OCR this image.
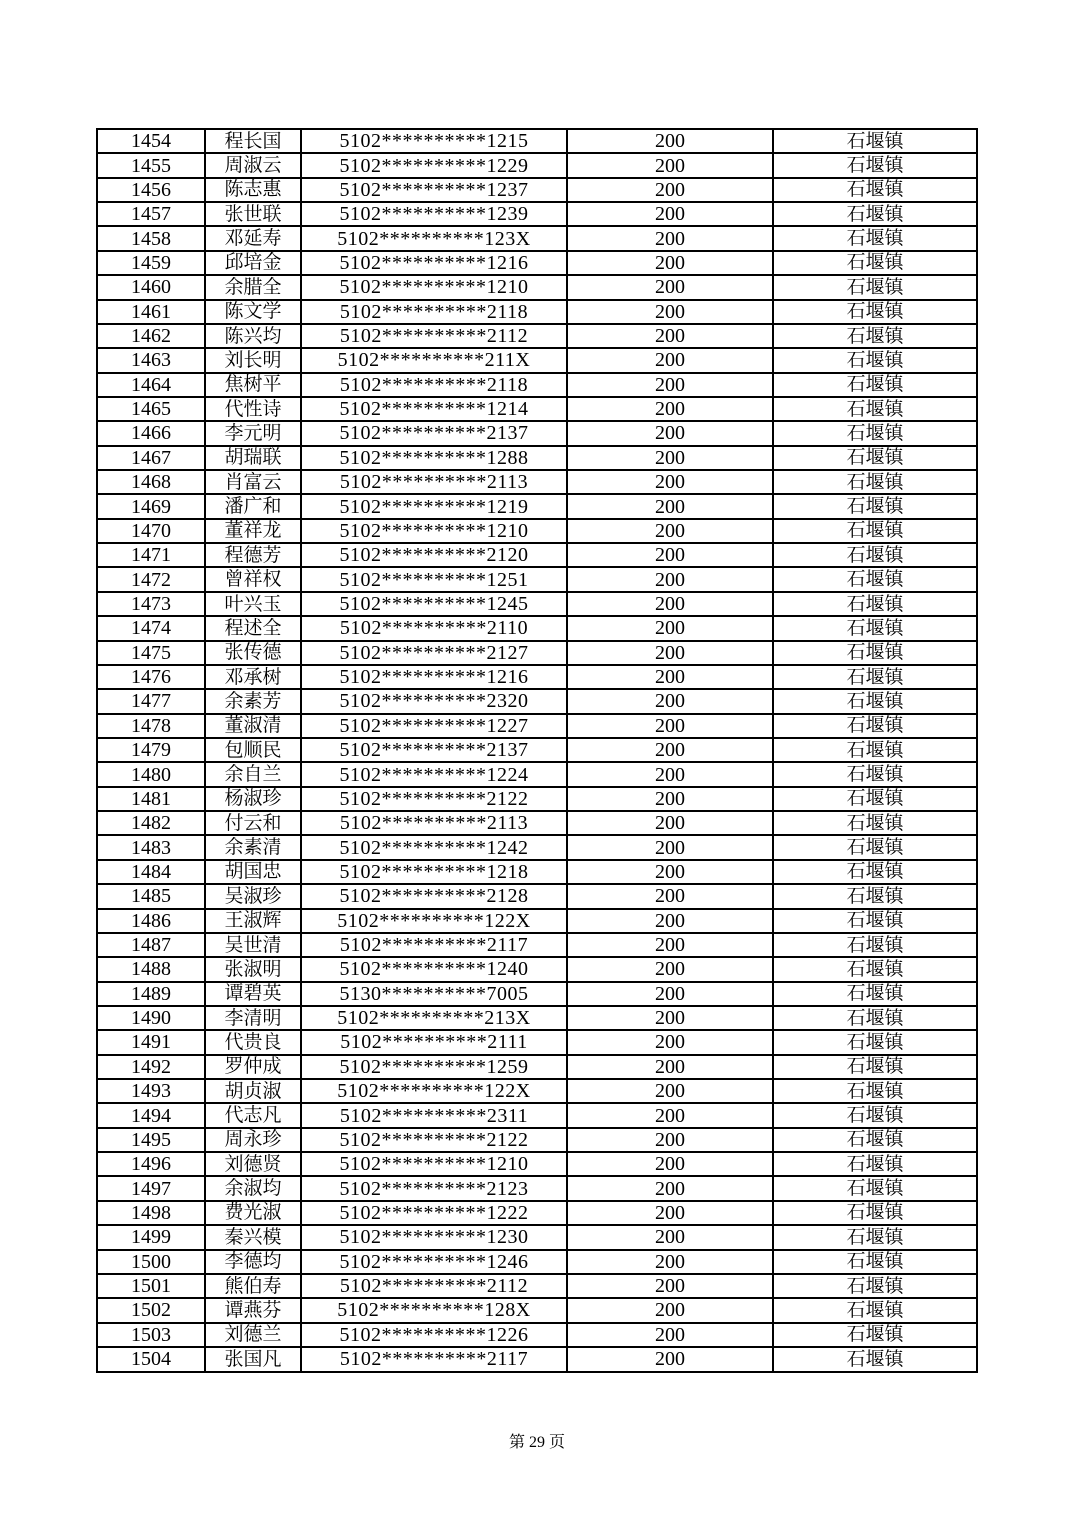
1454	程长国	5102**********1215	200	石堰镇
1455	周淑云	5102**********1229	200	石堰镇
1456	陈志惠	5102**********1237	200	石堰镇
1457	张世联	5102**********1239	200	石堰镇
1458	邓延寿	5102**********123X	200	石堰镇
1459	邱培金	5102**********1216	200	石堰镇
1460	余腊全	5102**********1210	200	石堰镇
1461	陈文学	5102**********2118	200	石堰镇
1462	陈兴均	5102**********2112	200	石堰镇
1463	刘长明	5102**********211X	200	石堰镇
1464	焦树平	5102**********2118	200	石堰镇
1465	代性诗	5102**********1214	200	石堰镇
1466	李元明	5102**********2137	200	石堰镇
1467	胡瑞联	5102**********1288	200	石堰镇
1468	肖富云	5102**********2113	200	石堰镇
1469	潘广和	5102**********1219	200	石堰镇
1470	董祥龙	5102**********1210	200	石堰镇
1471	程德芳	5102**********2120	200	石堰镇
1472	曾祥权	5102**********1251	200	石堰镇
1473	叶兴玉	5102**********1245	200	石堰镇
1474	程述全	5102**********2110	200	石堰镇
1475	张传德	5102**********2127	200	石堰镇
1476	邓承树	5102**********1216	200	石堰镇
1477	余素芳	5102**********2320	200	石堰镇
1478	董淑清	5102**********1227	200	石堰镇
1479	包顺民	5102**********2137	200	石堰镇
1480	余自兰	5102**********1224	200	石堰镇
1481	杨淑珍	5102**********2122	200	石堰镇
1482	付云和	5102**********2113	200	石堰镇
1483	余素清	5102**********1242	200	石堰镇
1484	胡国忠	5102**********1218	200	石堰镇
1485	吴淑珍	5102**********2128	200	石堰镇
1486	王淑辉	5102**********122X	200	石堰镇
1487	吴世清	5102**********2117	200	石堰镇
1488	张淑明	5102**********1240	200	石堰镇
1489	谭碧英	5130**********7005	200	石堰镇
1490	李清明	5102**********213X	200	石堰镇
1491	代贵良	5102**********2111	200	石堰镇
1492	罗仲成	5102**********1259	200	石堰镇
1493	胡贞淑	5102**********122X	200	石堰镇
1494	代志凡	5102**********2311	200	石堰镇
1495	周永珍	5102**********2122	200	石堰镇
1496	刘德贤	5102**********1210	200	石堰镇
1497	余淑均	5102**********2123	200	石堰镇
1498	费光淑	5102**********1222	200	石堰镇
1499	秦兴模	5102**********1230	200	石堰镇
1500	李德均	5102**********1246	200	石堰镇
1501	熊伯寿	5102**********2112	200	石堰镇
1502	谭燕芬	5102**********128X	200	石堰镇
1503	刘德兰	5102**********1226	200	石堰镇
1504	张国凡	5102**********2117	200	石堰镇
第 29 页
